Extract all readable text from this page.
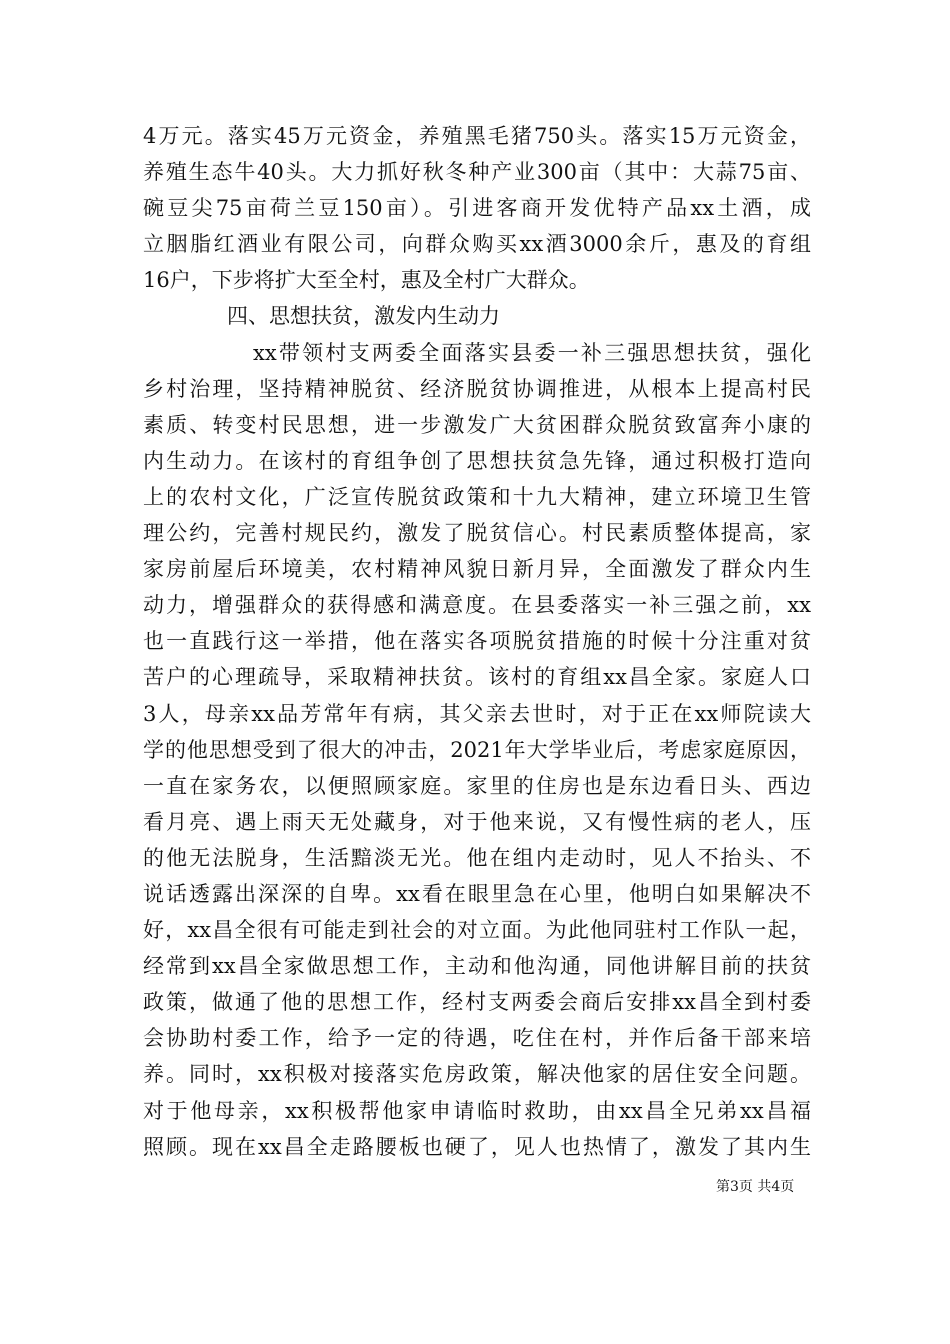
4万元。落实45万元资金，养殖黑毛猪750头。落实15万元资金，
养殖生态牛40头。大力抓好秋冬种产业300亩（其中：大蒜75亩、
碗豆尖75亩荷兰豆150亩）。引进客商开发优特产品xx土酒，成
立胭脂红酒业有限公司，向群众购买xx酒3000余斤，惠及的育组
16户，下步将扩大至全村，惠及全村广大群众。
四、思想扶贫，激发内生动力
xx带领村支两委全面落实县委一补三强思想扶贫，强化
乡村治理，坚持精神脱贫、经济脱贫协调推进，从根本上提高村民
素质、转变村民思想，进一步激发广大贫困群众脱贫致富奔小康的
内生动力。在该村的育组争创了思想扶贫急先锋，通过积极打造向
上的农村文化，广泛宣传脱贫政策和十九大精神，建立环境卫生管
理公约，完善村规民约，激发了脱贫信心。村民素质整体提高，家
家房前屋后环境美，农村精神风貌日新月异，全面激发了群众内生
动力，增强群众的获得感和满意度。在县委落实一补三强之前，xx
也一直践行这一举措，他在落实各项脱贫措施的时候十分注重对贫
苦户的心理疏导，采取精神扶贫。该村的育组xx昌全家。家庭人口
3人，母亲xx品芳常年有病，其父亲去世时，对于正在xx师院读大
学的他思想受到了很大的冲击，2021年大学毕业后，考虑家庭原因，
一直在家务农，以便照顾家庭。家里的住房也是东边看日头、西边
看月亮、遇上雨天无处藏身，对于他来说，又有慢性病的老人，压
的他无法脱身，生活黯淡无光。他在组内走动时，见人不抬头、不
说话透露出深深的自卑。xx看在眼里急在心里，他明白如果解决不
好，xx昌全很有可能走到社会的对立面。为此他同驻村工作队一起，
经常到xx昌全家做思想工作，主动和他沟通，同他讲解目前的扶贫
政策，做通了他的思想工作，经村支两委会商后安排xx昌全到村委
会协助村委工作，给予一定的待遇，吃住在村，并作后备干部来培
养。同时，xx积极对接落实危房政策，解决他家的居住安全问题。
对于他母亲，xx积极帮他家申请临时救助，由xx昌全兄弟xx昌福
照顾。现在xx昌全走路腰板也硬了，见人也热情了，激发了其内生
第3页 共4页
